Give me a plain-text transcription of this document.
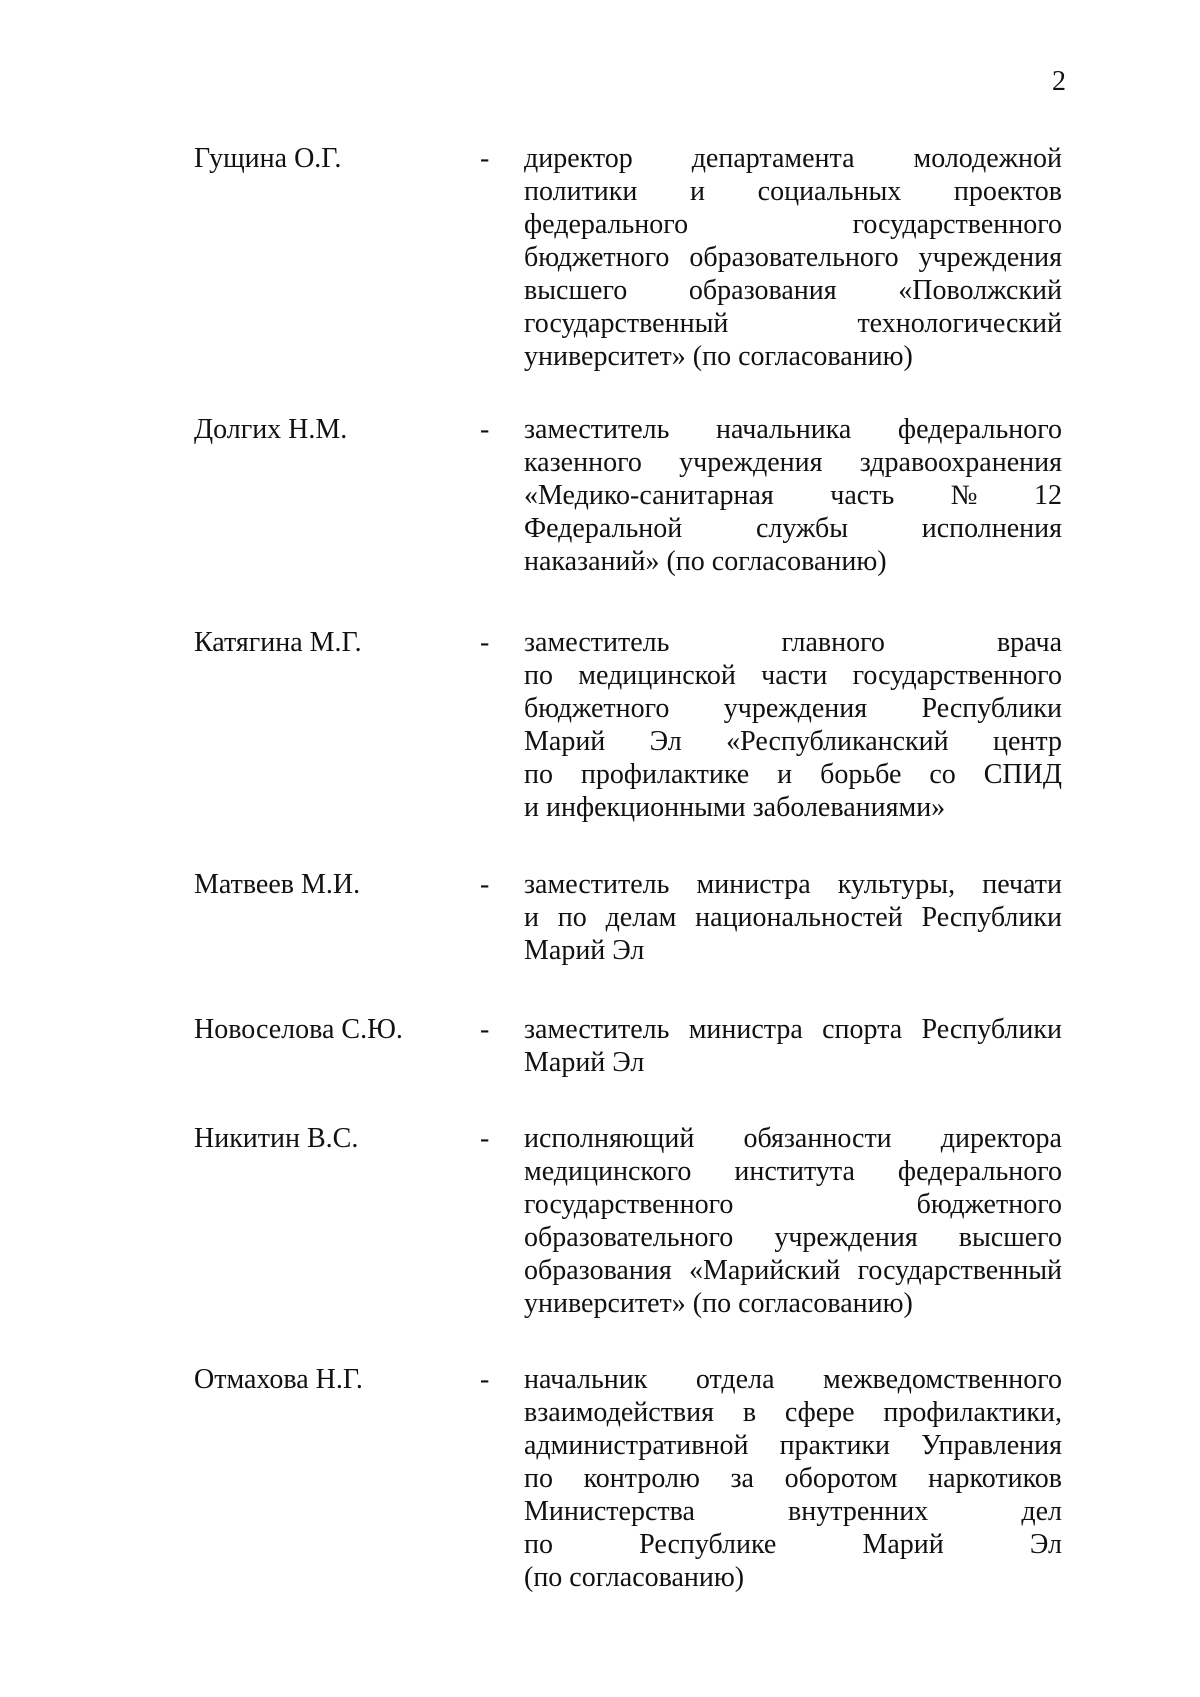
2
Гущина О.Г.	-	директор департамента молодежной
политики и социальных проектов
федерального	государственного
бюджетного образовательного учреждения
высшего образования «Поволжский
государственный	технологический
университет» (по согласованию)
Долгих Н.М.	-	заместитель начальника федерального
казенного учреждения здравоохранения
«Медико-санитарная часть № 12
Федеральной	службы	исполнения
наказаний» (по согласованию)
Катягина М.Г.	-	заместитель	главного	врача
по медицинской части государственного
бюджетного учреждения Республики
Марий Эл «Республиканский центр
по профилактике и борьбе со СПИД
и инфекционными заболеваниями»
Матвеев М.И.	-	заместитель министра культуры, печати
и по делам национальностей Республики
Марий Эл
Новоселова С.Ю.	-	заместитель министра спорта Республики
Марий Эл
Никитин В.С.	-	исполняющий обязанности директора
медицинского института федерального
государственного	бюджетного
образовательного учреждения высшего
образования «Марийский государственный
университет» (по согласованию)
Отмахова Н.Г.	-	начальник отдела межведомственного
взаимодействия в сфере профилактики,
административной практики Управления
по контролю за оборотом наркотиков
Министерства	внутренних	дел
по	Республике	Марий	Эл
(по согласованию)
